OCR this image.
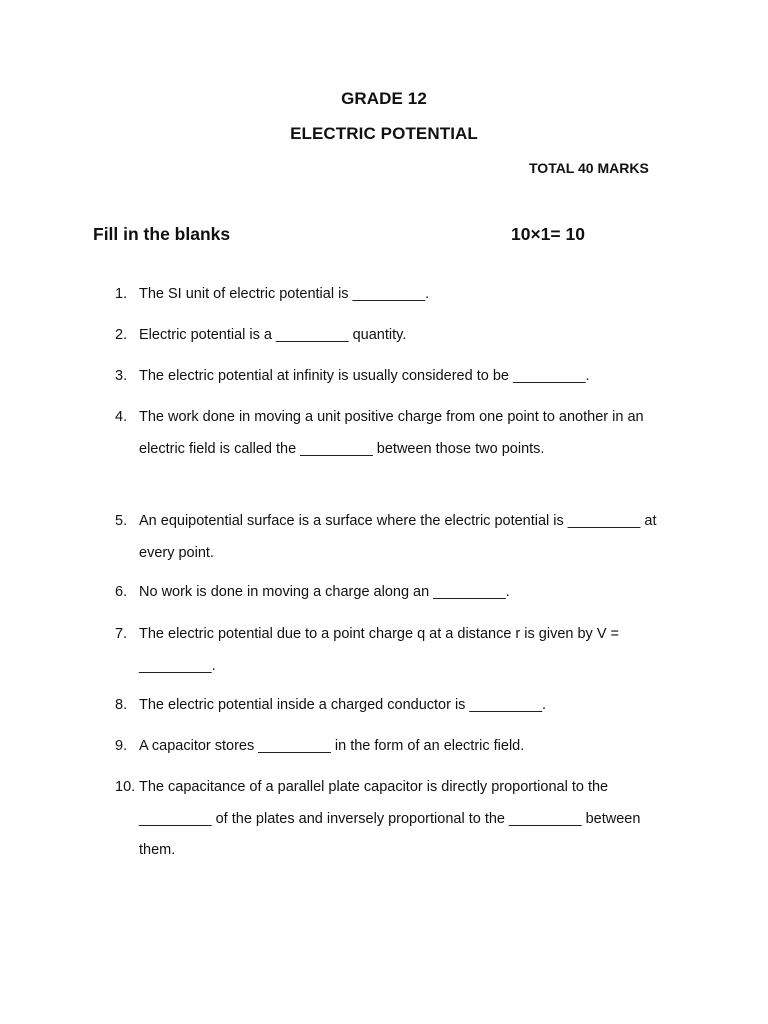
GRADE 12
ELECTRIC POTENTIAL
TOTAL 40 MARKS
Fill in the blanks	10×1= 10
1. The SI unit of electric potential is _________.
2. Electric potential is a _________ quantity.
3. The electric potential at infinity is usually considered to be _________.
4. The work done in moving a unit positive charge from one point to another in an electric field is called the _________ between those two points.
5. An equipotential surface is a surface where the electric potential is _________ at every point.
6. No work is done in moving a charge along an _________.
7. The electric potential due to a point charge q at a distance r is given by V = _________.
8. The electric potential inside a charged conductor is _________.
9. A capacitor stores _________ in the form of an electric field.
10. The capacitance of a parallel plate capacitor is directly proportional to the _________ of the plates and inversely proportional to the _________ between them.
